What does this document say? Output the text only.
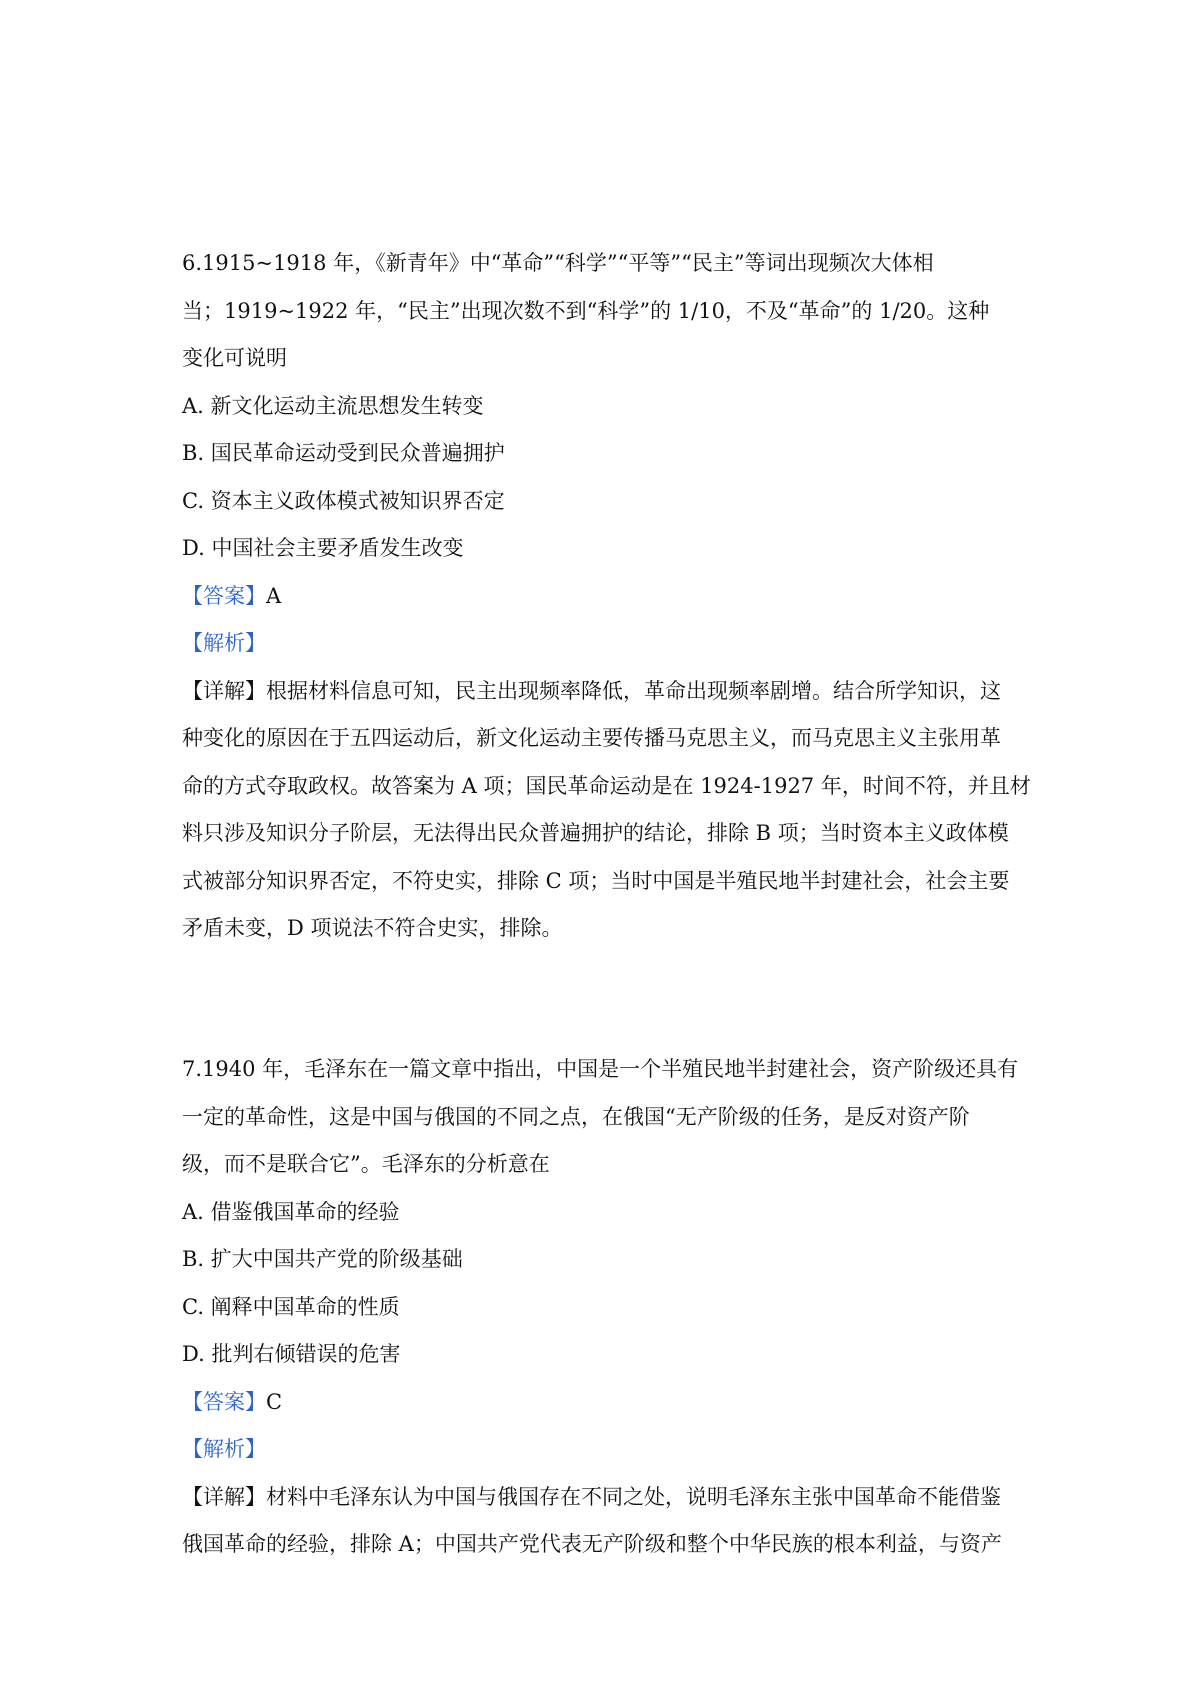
6.1915~1918 年，《新青年》中“革命”“科学”“平等”“民主”等词出现频次大体相
当；1919~1922 年，“民主”出现次数不到“科学”的 1/10，不及“革命”的 1/20。这种
变化可说明
A. 新文化运动主流思想发生转变
B. 国民革命运动受到民众普遍拥护
C. 资本主义政体模式被知识界否定
D. 中国社会主要矛盾发生改变
【答案】A
【解析】
【详解】根据材料信息可知，民主出现频率降低，革命出现频率剧增。结合所学知识，这
种变化的原因在于五四运动后，新文化运动主要传播马克思主义，而马克思主义主张用革
命的方式夺取政权。故答案为 A 项；国民革命运动是在 1924-1927 年，时间不符，并且材
料只涉及知识分子阶层，无法得出民众普遍拥护的结论，排除 B 项；当时资本主义政体模
式被部分知识界否定，不符史实，排除 C 项；当时中国是半殖民地半封建社会，社会主要
矛盾未变，D 项说法不符合史实，排除。
7.1940 年，毛泽东在一篇文章中指出，中国是一个半殖民地半封建社会，资产阶级还具有
一定的革命性，这是中国与俄国的不同之点，在俄国“无产阶级的任务，是反对资产阶
级，而不是联合它”。毛泽东的分析意在
A. 借鉴俄国革命的经验
B. 扩大中国共产党的阶级基础
C. 阐释中国革命的性质
D. 批判右倾错误的危害
【答案】C
【解析】
【详解】材料中毛泽东认为中国与俄国存在不同之处，说明毛泽东主张中国革命不能借鉴
俄国革命的经验，排除 A；中国共产党代表无产阶级和整个中华民族的根本利益，与资产
